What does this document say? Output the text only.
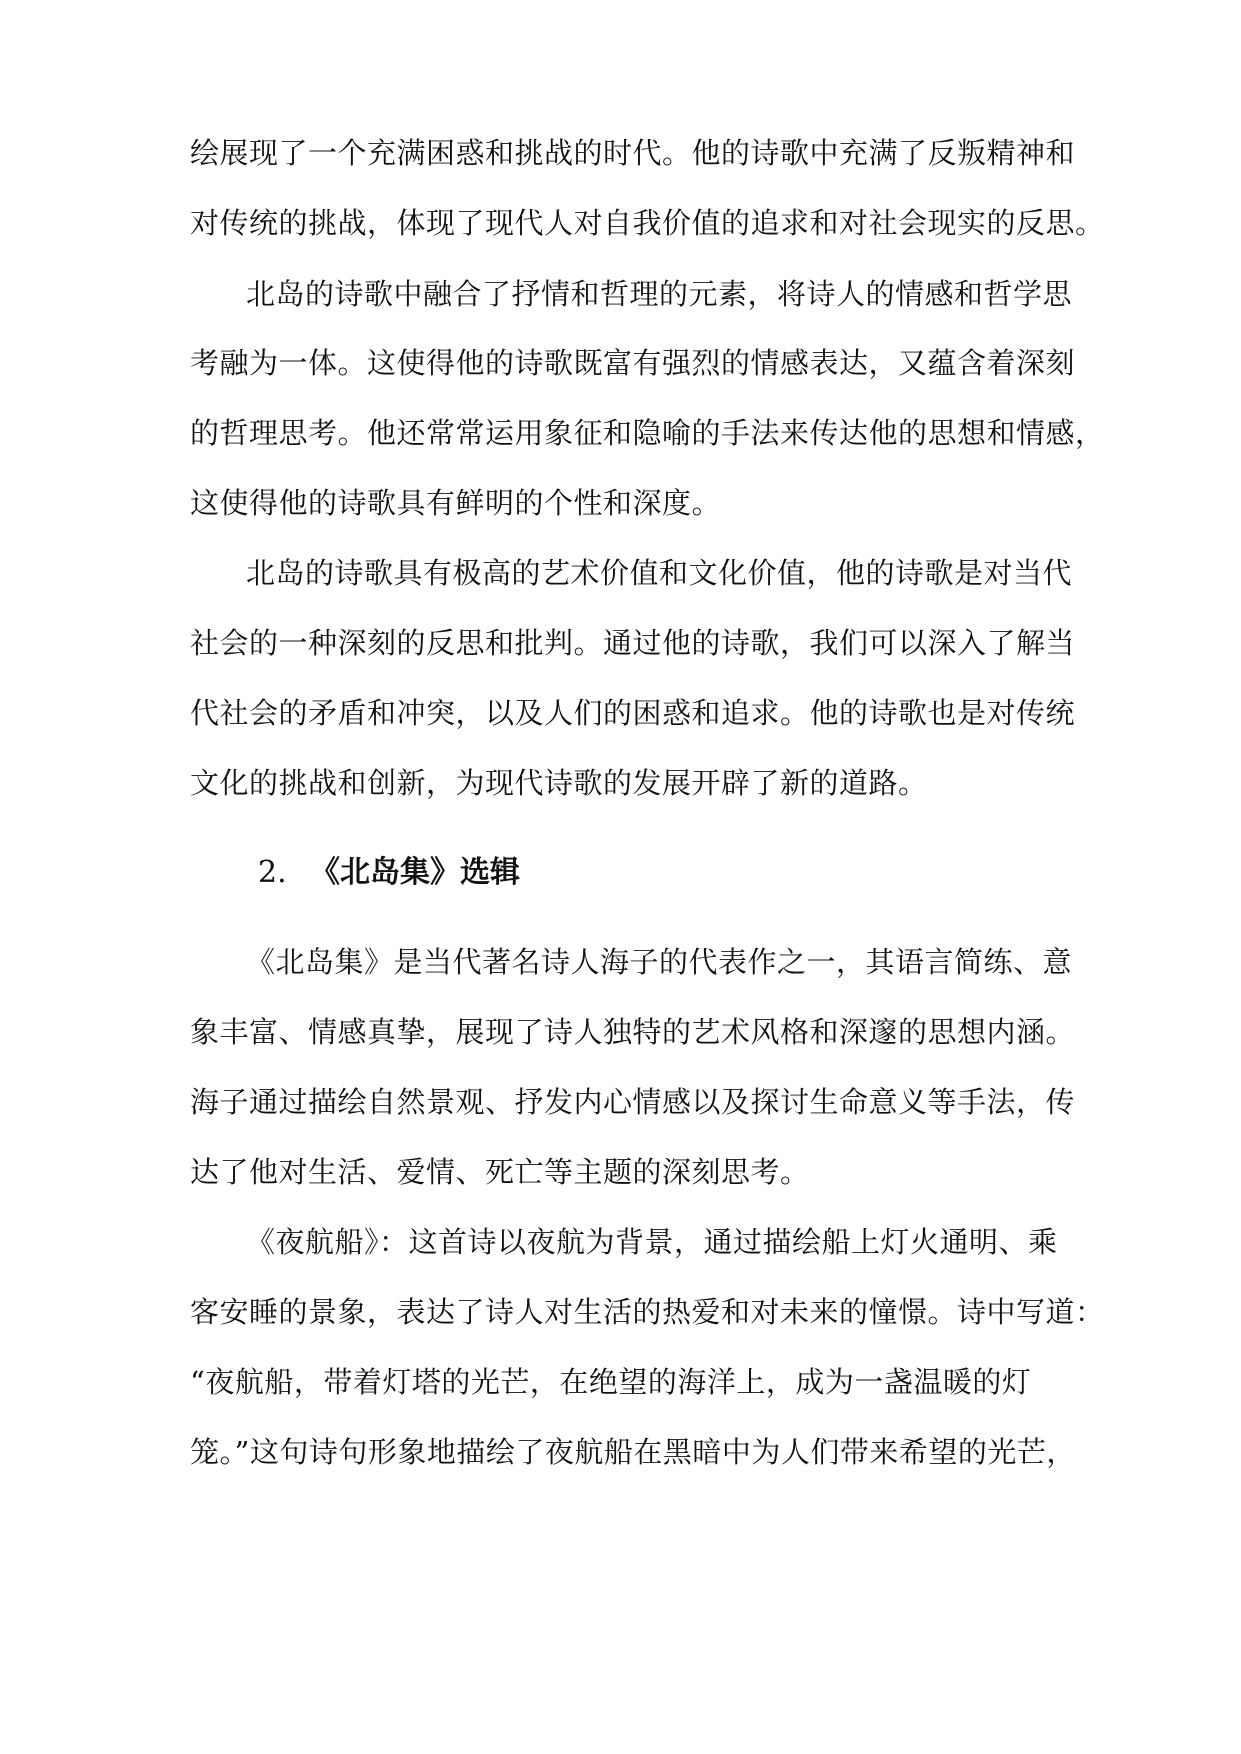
绘展现了一个充满困惑和挑战的时代。他的诗歌中充满了反叛精神和
对传统的挑战，体现了现代人对自我价值的追求和对社会现实的反思。
北岛的诗歌中融合了抒情和哲理的元素，将诗人的情感和哲学思
考融为一体。这使得他的诗歌既富有强烈的情感表达，又蕴含着深刻
的哲理思考。他还常常运用象征和隐喻的手法来传达他的思想和情感，
这使得他的诗歌具有鲜明的个性和深度。
北岛的诗歌具有极高的艺术价值和文化价值，他的诗歌是对当代
社会的一种深刻的反思和批判。通过他的诗歌，我们可以深入了解当
代社会的矛盾和冲突，以及人们的困惑和追求。他的诗歌也是对传统
文化的挑战和创新，为现代诗歌的发展开辟了新的道路。
2. 《北岛集》选辑
《北岛集》是当代著名诗人海子的代表作之一，其语言简练、意
象丰富、情感真挚，展现了诗人独特的艺术风格和深邃的思想内涵。
海子通过描绘自然景观、抒发内心情感以及探讨生命意义等手法，传
达了他对生活、爱情、死亡等主题的深刻思考。
《夜航船》：这首诗以夜航为背景，通过描绘船上灯火通明、乘
客安睡的景象，表达了诗人对生活的热爱和对未来的憧憬。诗中写道：
“夜航船，带着灯塔的光芒，在绝望的海洋上，成为一盏温暖的灯
笼。”这句诗句形象地描绘了夜航船在黑暗中为人们带来希望的光芒，
